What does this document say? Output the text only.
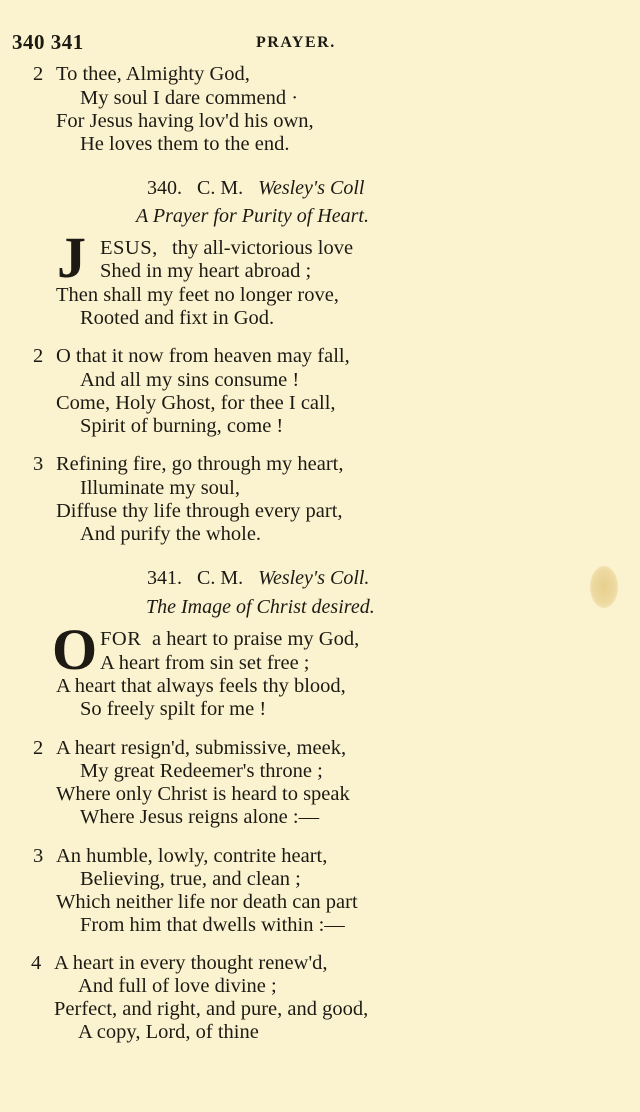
340 341	PRAYER.
2 To thee, Almighty God,
My soul I dare commend ·
For Jesus having lov'd his own,
He loves them to the end.
340. C. M. Wesley's Coll
A Prayer for Purity of Heart.
J ESUS, thy all-victorious love
Shed in my heart abroad ;
Then shall my feet no longer rove,
Rooted and fixt in God.
2 O that it now from heaven may fall,
And all my sins consume !
Come, Holy Ghost, for thee I call,
Spirit of burning, come !
3 Refining fire, go through my heart,
Illuminate my soul,
Diffuse thy life through every part,
And purify the whole.
341. C. M. Wesley's Coll.
The Image of Christ desired.
O FOR a heart to praise my God,
A heart from sin set free ;
A heart that always feels thy blood,
So freely spilt for me !
2 A heart resign'd, submissive, meek,
My great Redeemer's throne ;
Where only Christ is heard to speak
Where Jesus reigns alone :—
3 An humble, lowly, contrite heart,
Believing, true, and clean ;
Which neither life nor death can part
From him that dwells within :—
4 A heart in every thought renew'd,
And full of love divine ;
Perfect, and right, and pure, and good,
A copy, Lord, of thine
